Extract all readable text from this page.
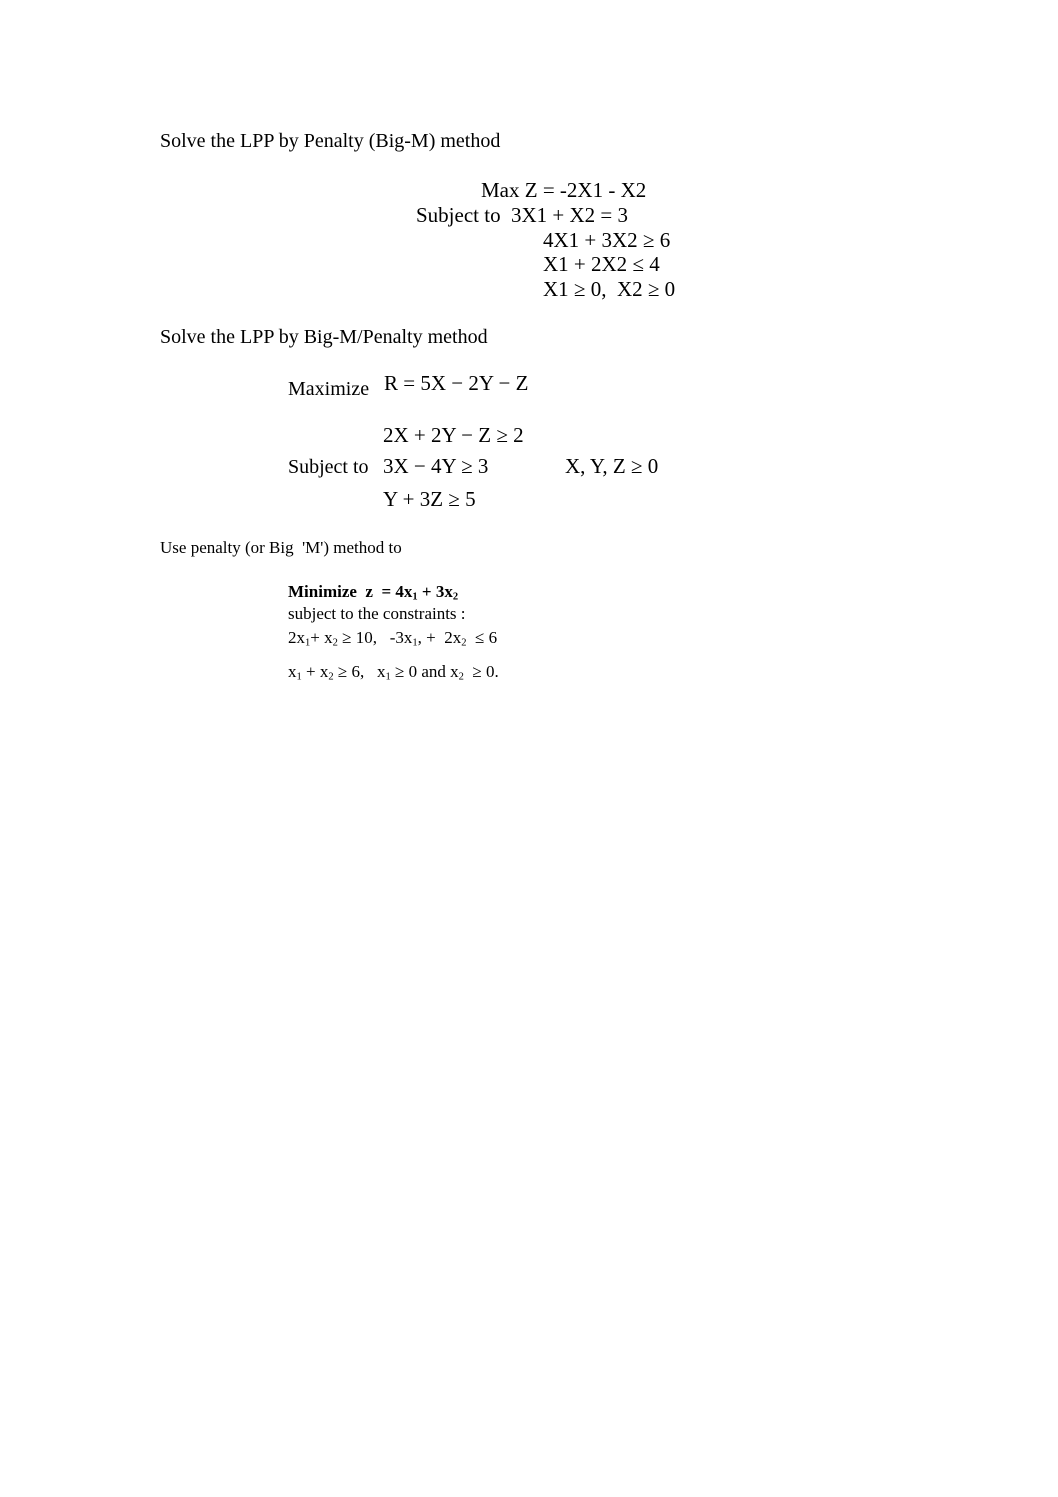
Solve the LPP by Penalty (Big-M) method
Max Z = -2X1 - X2
Subject to 3X1 + X2 = 3
4X1 + 3X2 ≥ 6
X1 + 2X2 ≤ 4
X1 ≥ 0,  X2 ≥ 0
Solve the LPP by Big-M/Penalty method
Maximize R = 5X − 2Y − Z
2X + 2Y − Z ≥ 2
Subject to 3X − 4Y ≥ 3	X, Y, Z ≥ 0
Y + 3Z ≥ 5
Use penalty (or Big  'M') method to
Minimize $z = 4x_1 + 3x_2$
subject to the constraints :
$2x_1+ x_2 \ge 10$,   $-3x_1$, +  $2x_2 \le 6$
$x_1 + x_2 \ge 6$,   $x_1 \ge 0$ and $x_2 \ge 0$.
